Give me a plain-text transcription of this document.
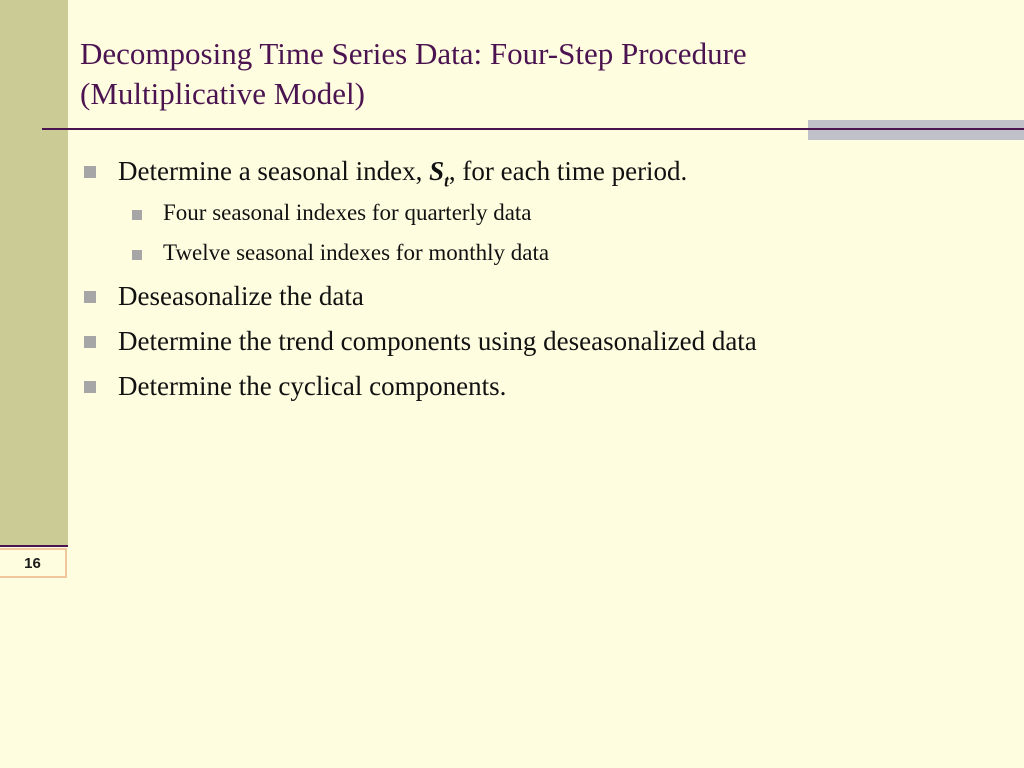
16
Decomposing Time Series Data: Four-Step Procedure
(Multiplicative Model)
Determine a seasonal index, $S_t$, for each time period.
Four seasonal indexes for quarterly data
Twelve seasonal indexes for monthly data
Deseasonalize the data
Determine the trend components using deseasonalized data
Determine the cyclical components.
